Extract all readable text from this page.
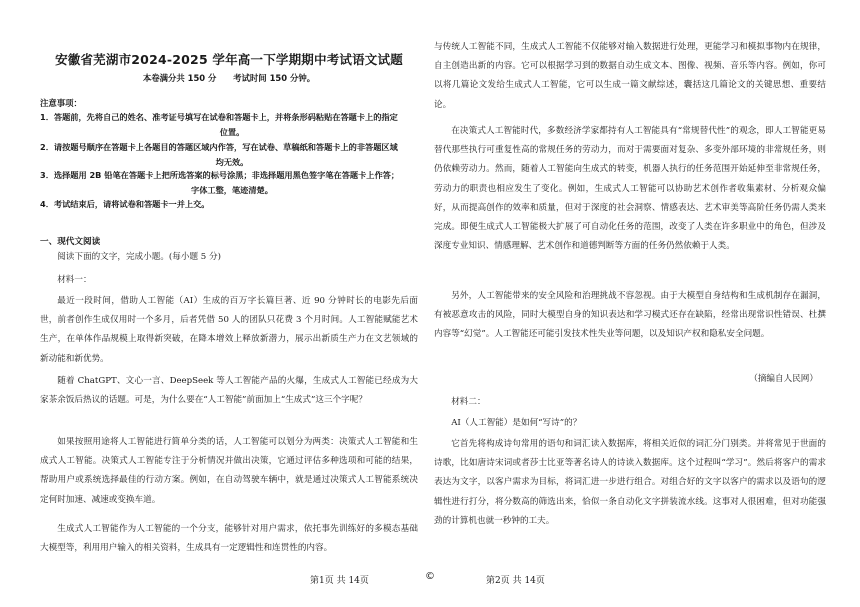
安徽省芜湖市2024-2025 学年高一下学期期中考试语文试题
本卷满分共 150 分　　考试时间 150 分钟。
注意事项：
1．答题前，先将自己的姓名、准考证号填写在试卷和答题卡上，并将条形码粘贴在答题卡上的指定
位置。
2．请按题号顺序在答题卡上各题目的答题区域内作答，写在试卷、草稿纸和答题卡上的非答题区域
均无效。
3．选择题用 2B 铅笔在答题卡上把所选答案的标号涂黑；非选择题用黑色签字笔在答题卡上作答；
字体工整，笔迹清楚。
4．考试结束后，请将试卷和答题卡一并上交。
一、现代文阅读

阅读下面的文字，完成小题。(每小题 5 分)

材料一：

最近一段时间，借助人工智能（AI）生成的百万字长篇巨著、近 90 分钟时长的电影先后面世，前者创作生成仅用时一个多月，后者凭借 50 人的团队只花费 3 个月时间。人工智能赋能艺术生产，在单体作品规模上取得新突破，在降本增效上释放新潜力，展示出新质生产力在文艺领域的新动能和新优势。

随着 ChatGPT、文心一言、DeepSeek 等人工智能产品的火爆，生成式人工智能已经成为大家茶余饭后热议的话题。可是，为什么要在“人工智能”前面加上“生成式”这三个字呢？

如果按照用途将人工智能进行简单分类的话，人工智能可以划分为两类：决策式人工智能和生成式人工智能。决策式人工智能专注于分析情况并做出决策，它通过评估多种选项和可能的结果，帮助用户或系统选择最佳的行动方案。例如，在自动驾驶车辆中，就是通过决策式人工智能系统决定何时加速、减速或变换车道。

生成式人工智能作为人工智能的一个分支，能够针对用户需求，依托事先训练好的多模态基础大模型等，利用用户输入的相关资料，生成具有一定逻辑性和连贯性的内容。

与传统人工智能不同，生成式人工智能不仅能够对输入数据进行处理，更能学习和模拟事物内在规律，自主创造出新的内容。它可以根据学习到的数据自动生成文本、图像、视频、音乐等内容。例如，你可以将几篇论文发给生成式人工智能，它可以生成一篇文献综述，囊括这几篇论文的关键思想、重要结论。

在决策式人工智能时代，多数经济学家都持有人工智能具有“常规替代性”的观念，即人工智能更易替代那些执行可重复性高的常规任务的劳动力，而对于需要面对复杂、多变外部环境的非常规任务，则仍依赖劳动力。然而，随着人工智能向生成式的转变，机器人执行的任务范围开始延伸至非常规任务，劳动力的职责也相应发生了变化。例如，生成式人工智能可以协助艺术创作者收集素材、分析观众偏好，从而提高创作的效率和质量，但对于深度的社会洞察、情感表达、艺术审美等高阶任务仍需人类来完成。即便生成式人工智能极大扩展了可自动化任务的范围，改变了人类在许多职业中的角色，但涉及深度专业知识、情感理解、艺术创作和道德判断等方面的任务仍然依赖于人类。

另外，人工智能带来的安全风险和治理挑战不容忽视。由于大模型自身结构和生成机制存在漏洞，有被恶意攻击的风险，同时大模型自身的知识表达和学习模式还存在缺陷，经常出现常识性错误、杜撰内容等“幻觉”。人工智能还可能引发技术性失业等问题，以及知识产权和隐私安全问题。

（摘编自人民网）

材料二：

AI（人工智能）是如何“写诗”的？

它首先将构成诗句常用的语句和词汇读入数据库，将相关近似的词汇分门别类。并将常见于世面的诗歌，比如唐诗宋词或者莎士比亚等著名诗人的诗读入数据库。这个过程叫“学习”。然后将客户的需求表达为文字，以客户需求为目标，将词汇进一步进行组合。对组合好的文字以客户的需求以及语句的逻辑性进行打分，将分数高的筛选出来，恰似一条自动化文字拼装流水线。这事对人很困难，但对功能强劲的计算机也就一秒钟的工夫。

第1页 共 14页	©	第2页 共 14页
